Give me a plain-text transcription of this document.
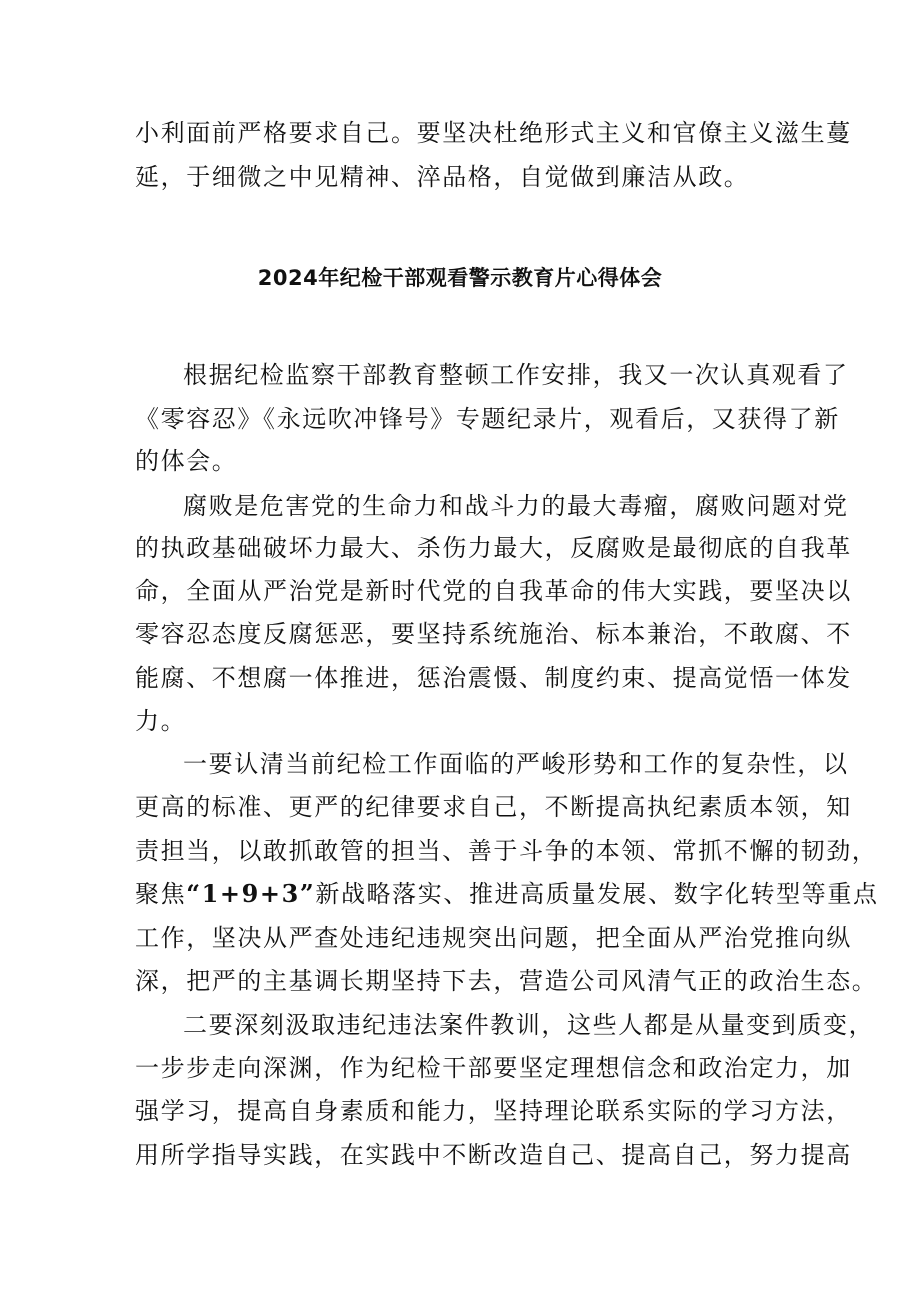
小利面前严格要求自己。要坚决杜绝形式主义和官僚主义滋生蔓
延，于细微之中见精神、淬品格，自觉做到廉洁从政。
2024年纪检干部观看警示教育片心得体会
根据纪检监察干部教育整顿工作安排，我又一次认真观看了
《零容忍》《永远吹冲锋号》专题纪录片，观看后，又获得了新
的体会。
腐败是危害党的生命力和战斗力的最大毒瘤，腐败问题对党
的执政基础破坏力最大、杀伤力最大，反腐败是最彻底的自我革
命，全面从严治党是新时代党的自我革命的伟大实践，要坚决以
零容忍态度反腐惩恶，要坚持系统施治、标本兼治，不敢腐、不
能腐、不想腐一体推进，惩治震慑、制度约束、提高觉悟一体发
力。
一要认清当前纪检工作面临的严峻形势和工作的复杂性，以
更高的标准、更严的纪律要求自己，不断提高执纪素质本领，知
责担当，以敢抓敢管的担当、善于斗争的本领、常抓不懈的韧劲，
聚焦“1+9+3”新战略落实、推进高质量发展、数字化转型等重点
工作，坚决从严查处违纪违规突出问题，把全面从严治党推向纵
深，把严的主基调长期坚持下去，营造公司风清气正的政治生态。
二要深刻汲取违纪违法案件教训，这些人都是从量变到质变，
一步步走向深渊，作为纪检干部要坚定理想信念和政治定力，加
强学习，提高自身素质和能力，坚持理论联系实际的学习方法，
用所学指导实践，在实践中不断改造自己、提高自己，努力提高
